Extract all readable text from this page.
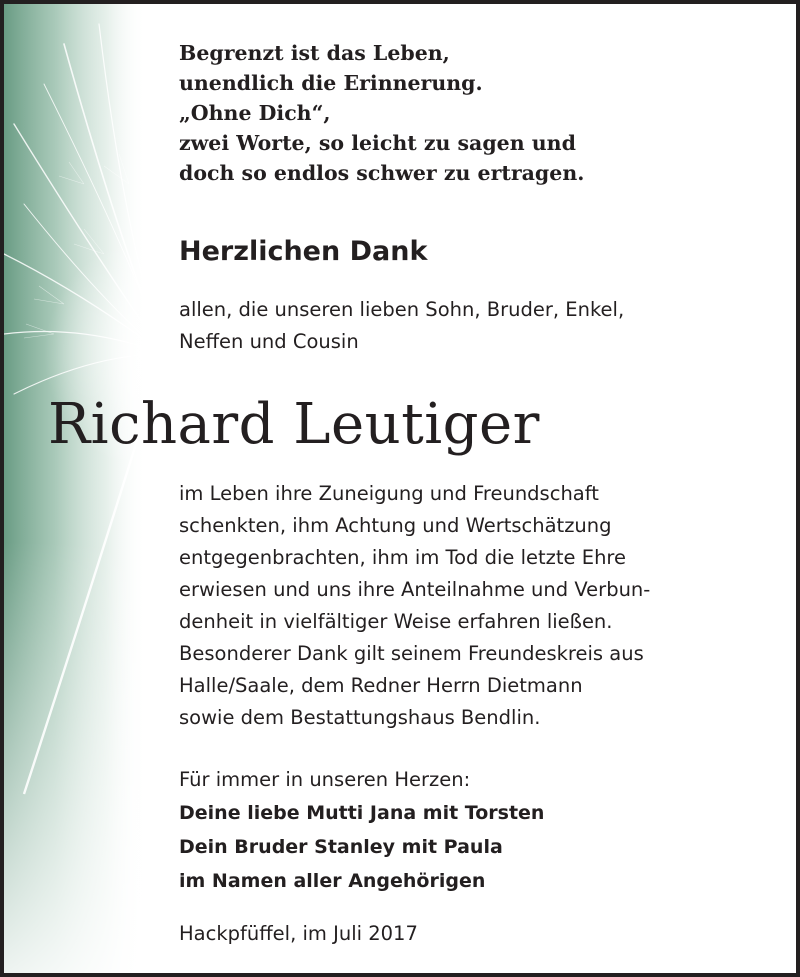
Begrenzt ist das Leben,
unendlich die Erinnerung.
„Ohne Dich“,
zwei Worte, so leicht zu sagen und
doch so endlos schwer zu ertragen.
Herzlichen Dank
allen, die unseren lieben Sohn, Bruder, Enkel,
Neffen und Cousin
Richard Leutiger
im Leben ihre Zuneigung und Freundschaft
schenkten, ihm Achtung und Wertschätzung
entgegenbrachten, ihm im Tod die letzte Ehre
erwiesen und uns ihre Anteilnahme und Verbun-
denheit in vielfältiger Weise erfahren ließen.
Besonderer Dank gilt seinem Freundeskreis aus
Halle/Saale, dem Redner Herrn Dietmann
sowie dem Bestattungshaus Bendlin.
Für immer in unseren Herzen:
Deine liebe Mutti Jana mit Torsten
Dein Bruder Stanley mit Paula
im Namen aller Angehörigen
Hackpfüffel, im Juli 2017
